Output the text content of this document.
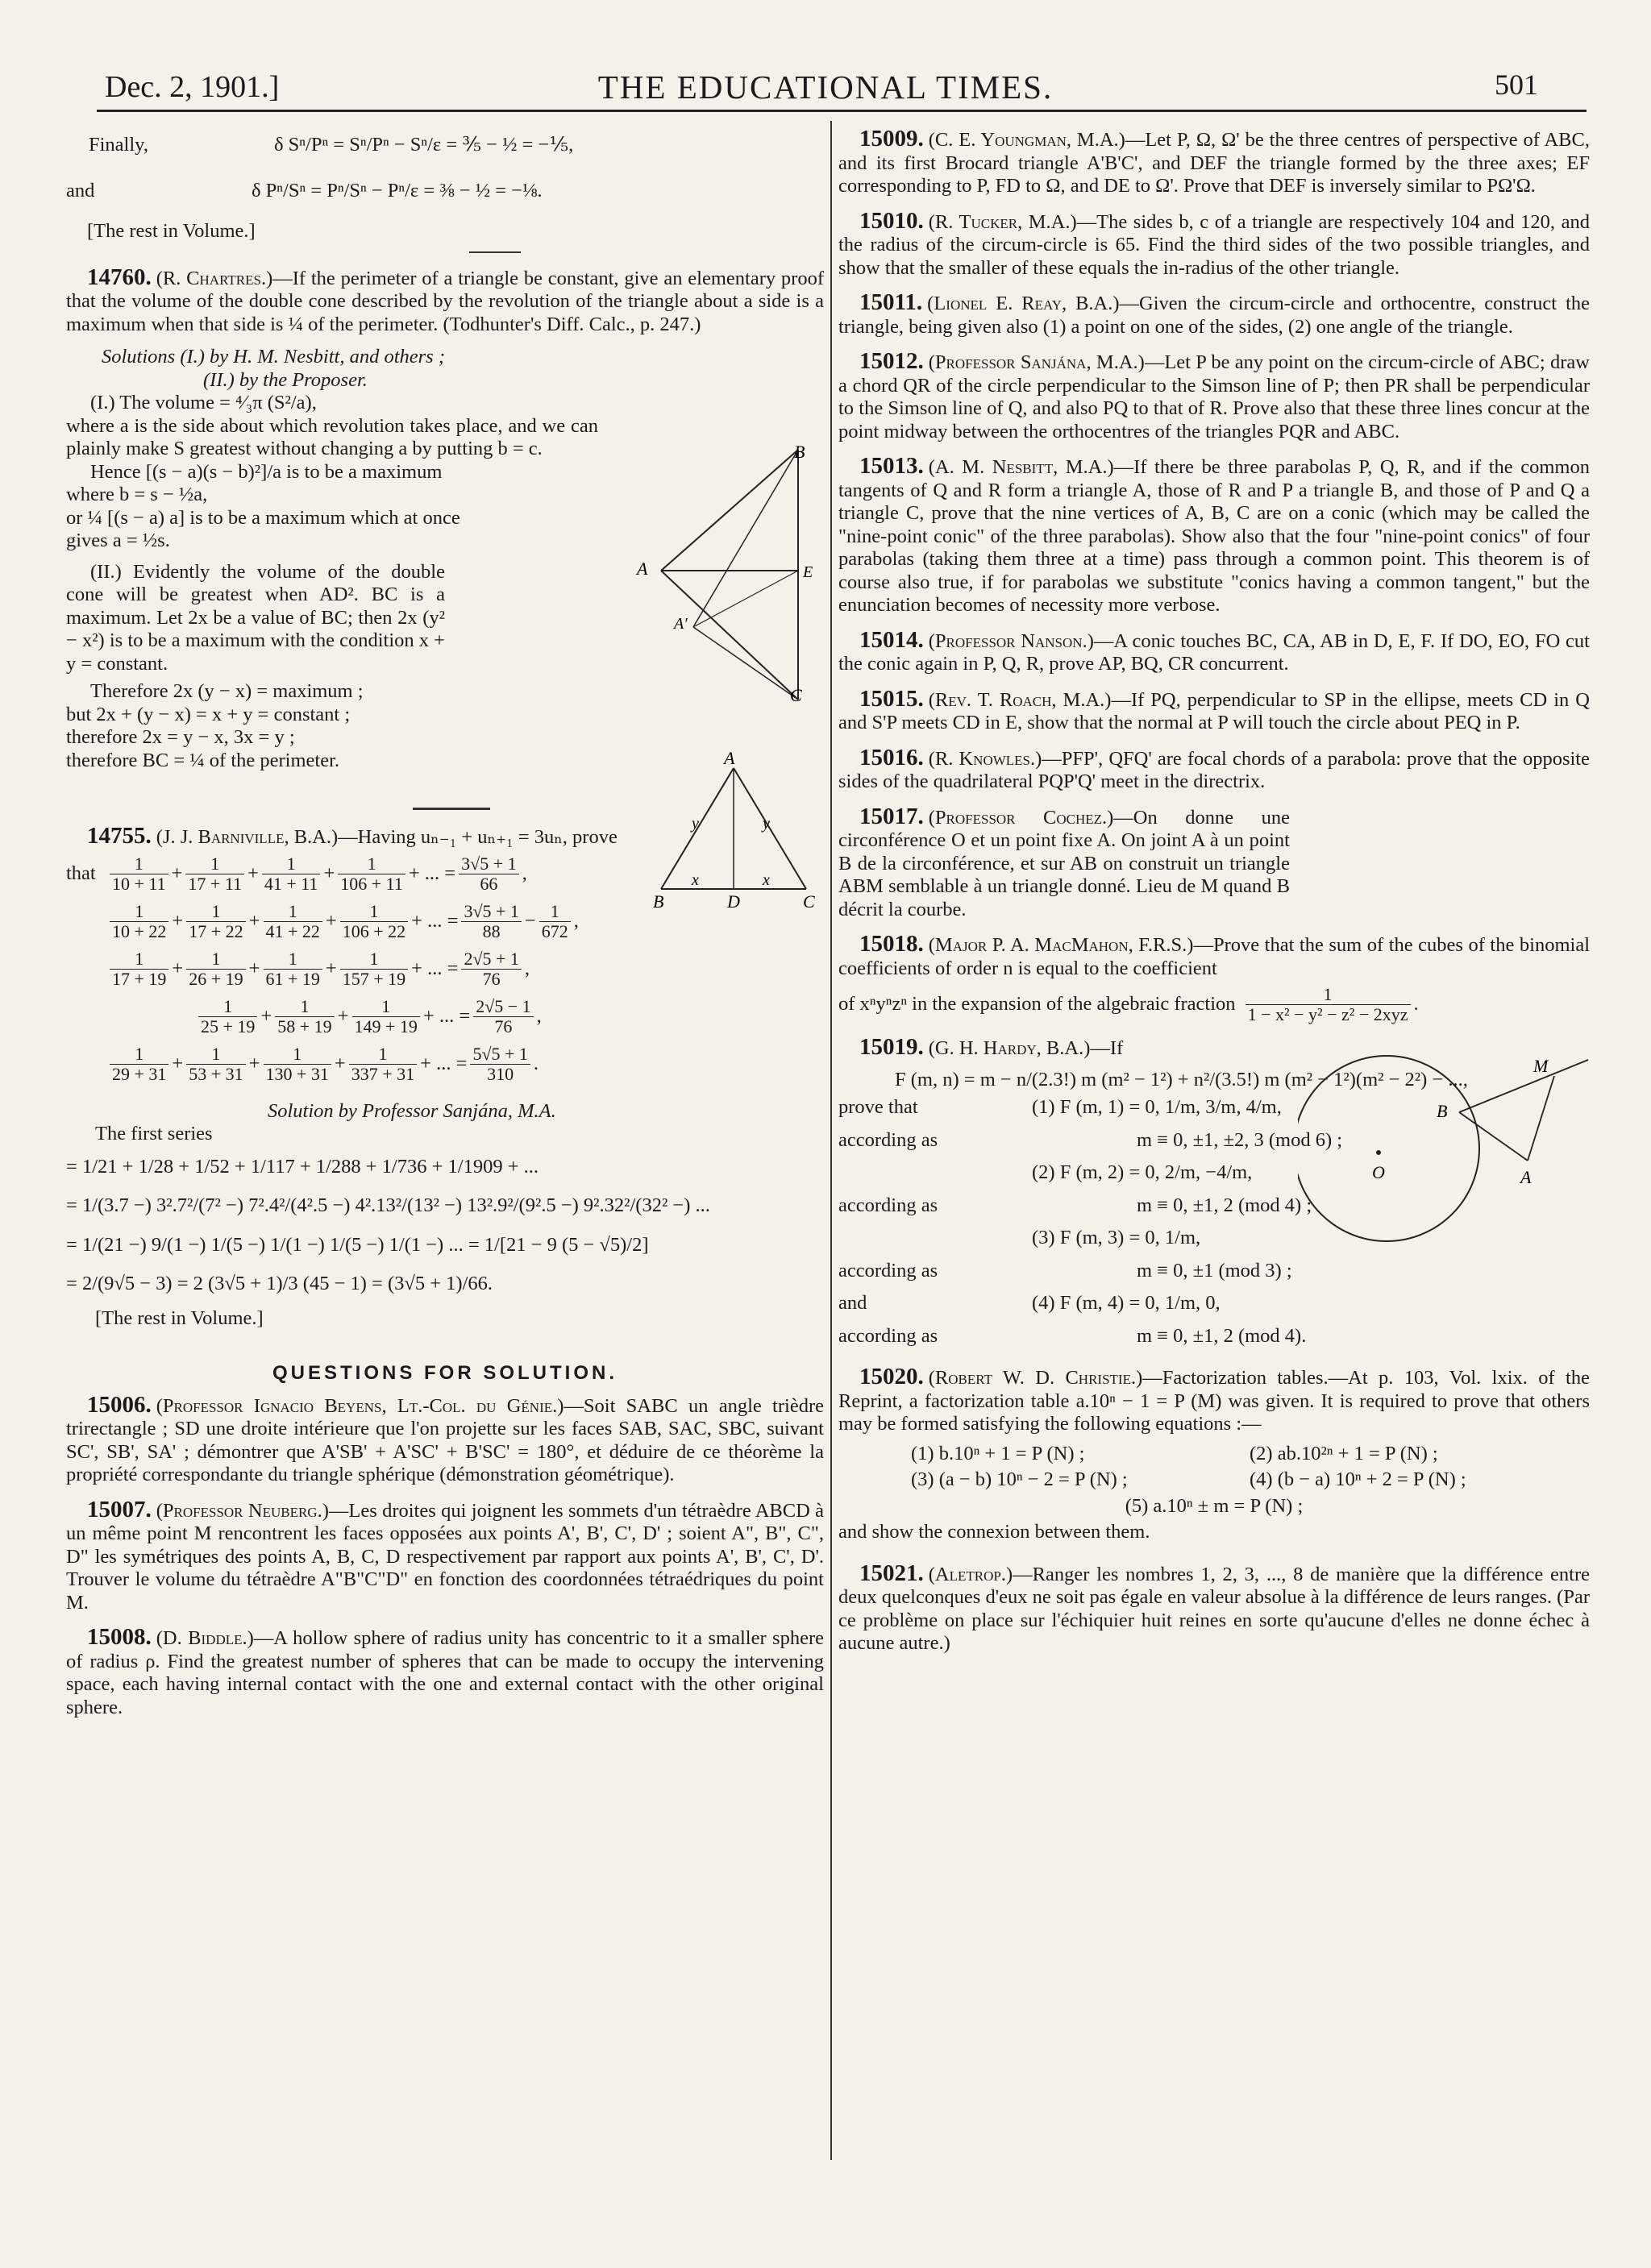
Dec. 2, 1901.]	THE EDUCATIONAL TIMES.	501
Finally,	δ Sⁿ/Pⁿ = Sⁿ/Pⁿ − Sⁿ/ε = ⅗ − ½ = −⅕,
and	δ Pⁿ/Sⁿ = Pⁿ/Sⁿ − Pⁿ/ε = ⅜ − ½ = −⅛.
[The rest in Volume.]

14760. (R. Chartres.)—If the perimeter of a triangle be constant, give an elementary proof that the volume of the double cone described by the revolution of the triangle about a side is a maximum when that side is ¼ of the perimeter. (Todhunter's Diff. Calc., p. 247.)

Solutions (I.) by H. M. Nesbitt, and others ;
(II.) by the Proposer.
(I.) The volume = ⁴⁄₃π (S²/a),

where a is the side about which revolution takes place, and we can plainly make S greatest without changing a by putting b = c.

Hence [(s − a)(s − b)²]/a is to be a maximum
where b = s − ½a,
or ¼ [(s − a) a] is to be a maximum which at once
gives a = ½s.

(II.) Evidently the volume of the double cone will be greatest when AD². BC is a maximum. Let 2x be a value of BC; then 2x (y² − x²) is to be a maximum with the condition x + y = constant.

Therefore 2x (y − x) = maximum ;
but 2x + (y − x) = x + y = constant ;
therefore 2x = y − x, 3x = y ;
therefore BC = ¼ of the perimeter.

14755. (J. J. Barniville, B.A.)—Having uₙ₋₁ + uₙ₊₁ = 3uₙ, prove

that $\frac{1}{10 + 11} + \frac{1}{17 + 11} + \frac{1}{41 + 11} + \frac{1}{106 + 11}$ + ... = $\frac{3√5 + 1}{66}$ ,
$\frac{1}{10 + 22} + \frac{1}{17 + 22} + \frac{1}{41 + 22} + \frac{1}{106 + 22}$ + ... = $\frac{3√5 + 1}{88} - \frac{1}{672}$ ,
$\frac{1}{17 + 19} + \frac{1}{26 + 19} + \frac{1}{61 + 19} + \frac{1}{157 + 19}$ + ... = $\frac{2√5 + 1}{76}$ ,
$\frac{1}{25 + 19} + \frac{1}{58 + 19} + \frac{1}{149 + 19}$ + ... = $\frac{2√5 - 1}{76}$ ,
$\frac{1}{29 + 31} + \frac{1}{53 + 31} + \frac{1}{130 + 31} + \frac{1}{337 + 31}$ + ... = $\frac{5√5 + 1}{310}$ .
Solution by Professor Sanjána, M.A.
The first series
= 1/21 + 1/28 + 1/52 + 1/117 + 1/288 + 1/736 + 1/1909 + ...
= 1/(3.7 −) 3².7²/(7² −) 7².4²/(4².5 −) 4².13²/(13² −) 13².9²/(9².5 −) 9².32²/(32² −) ...
= 1/(21 −) 9/(1 −) 1/(5 −) 1/(1 −) 1/(5 −) 1/(1 −) ... = 1/[21 − 9 (5 − √5)/2]
= 2/(9√5 − 3) = 2 (3√5 + 1)/3 (45 − 1) = (3√5 + 1)/66.
[The rest in Volume.]
QUESTIONS FOR SOLUTION.

15006. (Professor Ignacio Beyens, Lt.-Col. du Génie.)—Soit SABC un angle trièdre trirectangle ; SD une droite intérieure que l'on projette sur les faces SAB, SAC, SBC, suivant SC', SB', SA' ; démontrer que A'SB' + A'SC' + B'SC' = 180°, et déduire de ce théorème la propriété correspondante du triangle sphérique (démonstration géométrique).

15007. (Professor Neuberg.)—Les droites qui joignent les sommets d'un tétraèdre ABCD à un même point M rencontrent les faces opposées aux points A', B', C', D' ; soient A", B", C", D" les symétriques des points A, B, C, D respectivement par rapport aux points A', B', C', D'. Trouver le volume du tétraèdre A"B"C"D" en fonction des coordonnées tétraédriques du point M.

15008. (D. Biddle.)—A hollow sphere of radius unity has concentric to it a smaller sphere of radius ρ. Find the greatest number of spheres that can be made to occupy the intervening space, each having internal contact with the one and external contact with the other original sphere.

B
A	E
A'
C
A
y	y
x	x
B	D	C

15009. (C. E. Youngman, M.A.)—Let P, Ω, Ω' be the three centres of perspective of ABC, and its first Brocard triangle A'B'C', and DEF the triangle formed by the three axes; EF corresponding to P, FD to Ω, and DE to Ω'. Prove that DEF is inversely similar to PΩ'Ω.

15010. (R. Tucker, M.A.)—The sides b, c of a triangle are respectively 104 and 120, and the radius of the circum-circle is 65. Find the third sides of the two possible triangles, and show that the smaller of these equals the in-radius of the other triangle.

15011. (Lionel E. Reay, B.A.)—Given the circum-circle and orthocentre, construct the triangle, being given also (1) a point on one of the sides, (2) one angle of the triangle.

15012. (Professor Sanjána, M.A.)—Let P be any point on the circum-circle of ABC; draw a chord QR of the circle perpendicular to the Simson line of P; then PR shall be perpendicular to the Simson line of Q, and also PQ to that of R. Prove also that these three lines concur at the point midway between the orthocentres of the triangles PQR and ABC.

15013. (A. M. Nesbitt, M.A.)—If there be three parabolas P, Q, R, and if the common tangents of Q and R form a triangle A, those of R and P a triangle B, and those of P and Q a triangle C, prove that the nine vertices of A, B, C are on a conic (which may be called the "nine-point conic" of the three parabolas). Show also that the four "nine-point conics" of four parabolas (taking them three at a time) pass through a common point. This theorem is of course also true, if for parabolas we substitute "conics having a common tangent," but the enunciation becomes of necessity more verbose.

15014. (Professor Nanson.)—A conic touches BC, CA, AB in D, E, F. If DO, EO, FO cut the conic again in P, Q, R, prove AP, BQ, CR concurrent.

15015. (Rev. T. Roach, M.A.)—If PQ, perpendicular to SP in the ellipse, meets CD in Q and S'P meets CD in E, show that the normal at P will touch the circle about PEQ in P.

15016. (R. Knowles.)—PFP', QFQ' are focal chords of a parabola: prove that the opposite sides of the quadrilateral PQP'Q' meet in the directrix.

15017. (Professor Cochez.)—On donne une circonférence O et un point fixe A. On joint A à un point B de la circonférence, et sur AB on construit un triangle ABM semblable à un triangle donné. Lieu de M quand B décrit la courbe.

15018. (Major P. A. MacMahon, F.R.S.)—Prove that the sum of the cubes of the binomial coefficients of order n is equal to the coefficient

of xⁿyⁿzⁿ in the expansion of the algebraic fraction $\frac{1}{\text{1 − x² − y² − z² − 2xyz}}$ .

15019. (G. H. Hardy, B.A.)—If

F (m, n) = m − n/(2.3!) m (m² − 1²) + n²/(3.5!) m (m² − 1²)(m² − 2²) − ...,
prove that	(1) F (m, 1) = 0, 1/m, 3/m, 4/m,
according as	m ≡ 0, ±1, ±2, 3 (mod 6) ;
(2) F (m, 2) = 0, 2/m, −4/m,
according as	m ≡ 0, ±1, 2 (mod 4) ;
(3) F (m, 3) = 0, 1/m,
according as	m ≡ 0, ±1 (mod 3) ;
and	(4) F (m, 4) = 0, 1/m, 0,
according as	m ≡ 0, ±1, 2 (mod 4).

15020. (Robert W. D. Christie.)—Factorization tables.—At p. 103, Vol. lxix. of the Reprint, a factorization table a.10ⁿ − 1 = P (M) was given. It is required to prove that others may be formed satisfying the following equations :—

(1) b.10ⁿ + 1 = P (N) ;	(2) ab.10²ⁿ + 1 = P (N) ;
(3) (a − b) 10ⁿ − 2 = P (N) ;	(4) (b − a) 10ⁿ + 2 = P (N) ;
(5) a.10ⁿ ± m = P (N) ;
and show the connexion between them.

15021. (Aletrop.)—Ranger les nombres 1, 2, 3, ..., 8 de manière que la différence entre deux quelconques d'eux ne soit pas égale en valeur absolue à la différence de leurs ranges. (Par ce problème on place sur l'échiquier huit reines en sorte qu'aucune d'elles ne donne échec à aucune autre.)

M
B
O	A
